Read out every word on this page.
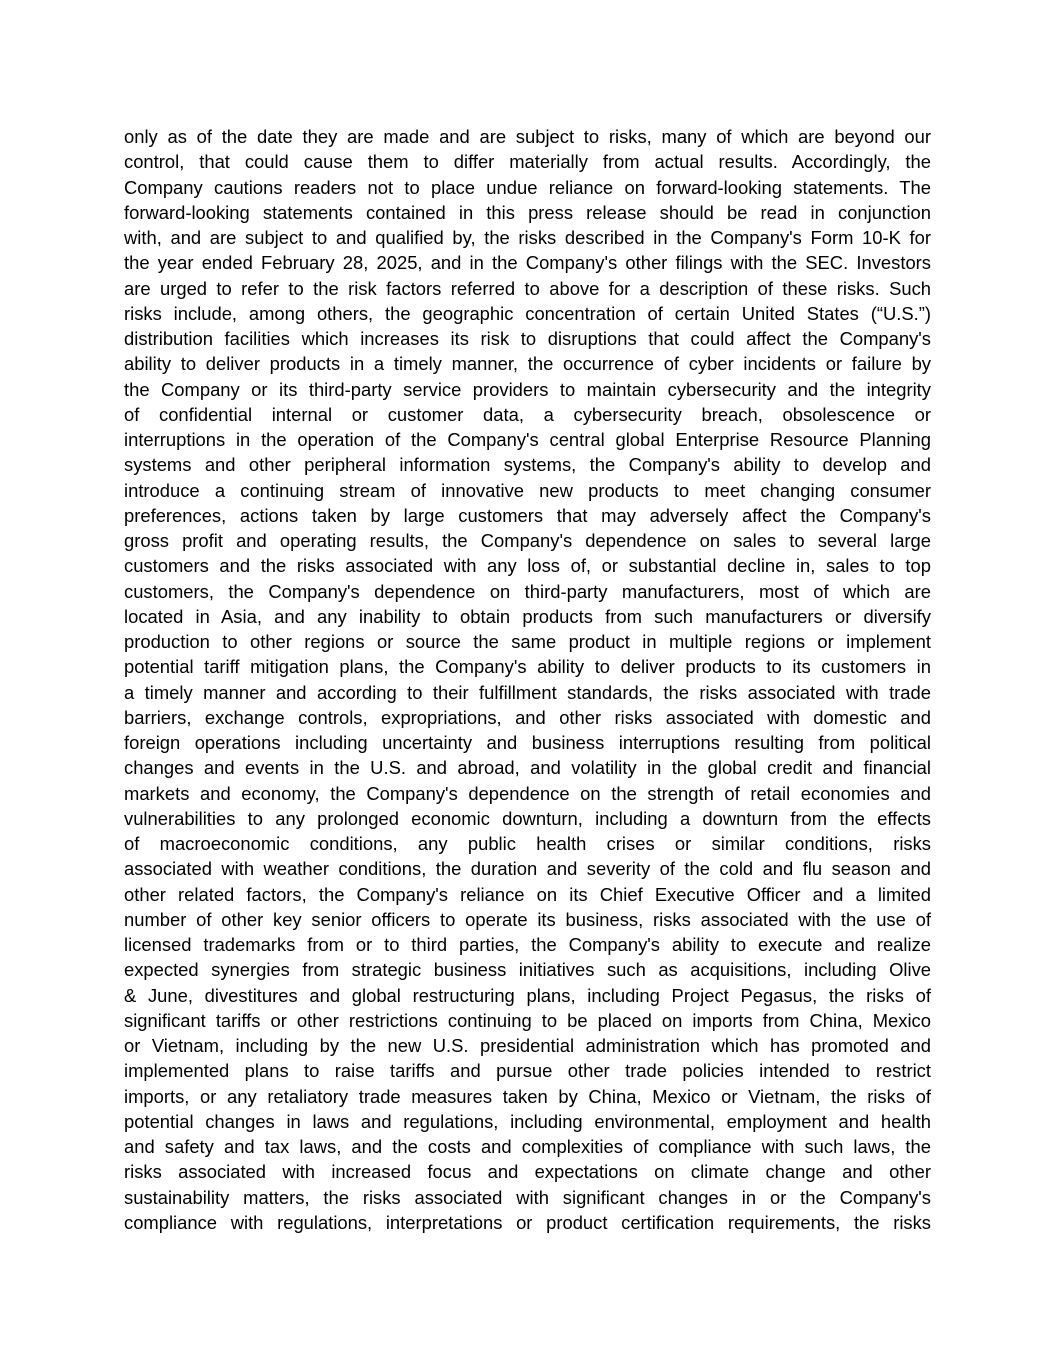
only as of the date they are made and are subject to risks, many of which are beyond our
control, that could cause them to differ materially from actual results. Accordingly, the
Company cautions readers not to place undue reliance on forward-looking statements. The
forward-looking statements contained in this press release should be read in conjunction
with, and are subject to and qualified by, the risks described in the Company's Form 10-K for
the year ended February 28, 2025, and in the Company's other filings with the SEC. Investors
are urged to refer to the risk factors referred to above for a description of these risks. Such
risks include, among others, the geographic concentration of certain United States (“U.S.”)
distribution facilities which increases its risk to disruptions that could affect the Company's
ability to deliver products in a timely manner, the occurrence of cyber incidents or failure by
the Company or its third-party service providers to maintain cybersecurity and the integrity
of confidential internal or customer data, a cybersecurity breach, obsolescence or
interruptions in the operation of the Company's central global Enterprise Resource Planning
systems and other peripheral information systems, the Company's ability to develop and
introduce a continuing stream of innovative new products to meet changing consumer
preferences, actions taken by large customers that may adversely affect the Company's
gross profit and operating results, the Company's dependence on sales to several large
customers and the risks associated with any loss of, or substantial decline in, sales to top
customers, the Company's dependence on third-party manufacturers, most of which are
located in Asia, and any inability to obtain products from such manufacturers or diversify
production to other regions or source the same product in multiple regions or implement
potential tariff mitigation plans, the Company's ability to deliver products to its customers in
a timely manner and according to their fulfillment standards, the risks associated with trade
barriers, exchange controls, expropriations, and other risks associated with domestic and
foreign operations including uncertainty and business interruptions resulting from political
changes and events in the U.S. and abroad, and volatility in the global credit and financial
markets and economy, the Company's dependence on the strength of retail economies and
vulnerabilities to any prolonged economic downturn, including a downturn from the effects
of macroeconomic conditions, any public health crises or similar conditions, risks
associated with weather conditions, the duration and severity of the cold and flu season and
other related factors, the Company's reliance on its Chief Executive Officer and a limited
number of other key senior officers to operate its business, risks associated with the use of
licensed trademarks from or to third parties, the Company's ability to execute and realize
expected synergies from strategic business initiatives such as acquisitions, including Olive
& June, divestitures and global restructuring plans, including Project Pegasus, the risks of
significant tariffs or other restrictions continuing to be placed on imports from China, Mexico
or Vietnam, including by the new U.S. presidential administration which has promoted and
implemented plans to raise tariffs and pursue other trade policies intended to restrict
imports, or any retaliatory trade measures taken by China, Mexico or Vietnam, the risks of
potential changes in laws and regulations, including environmental, employment and health
and safety and tax laws, and the costs and complexities of compliance with such laws, the
risks associated with increased focus and expectations on climate change and other
sustainability matters, the risks associated with significant changes in or the Company's
compliance with regulations, interpretations or product certification requirements, the risks
